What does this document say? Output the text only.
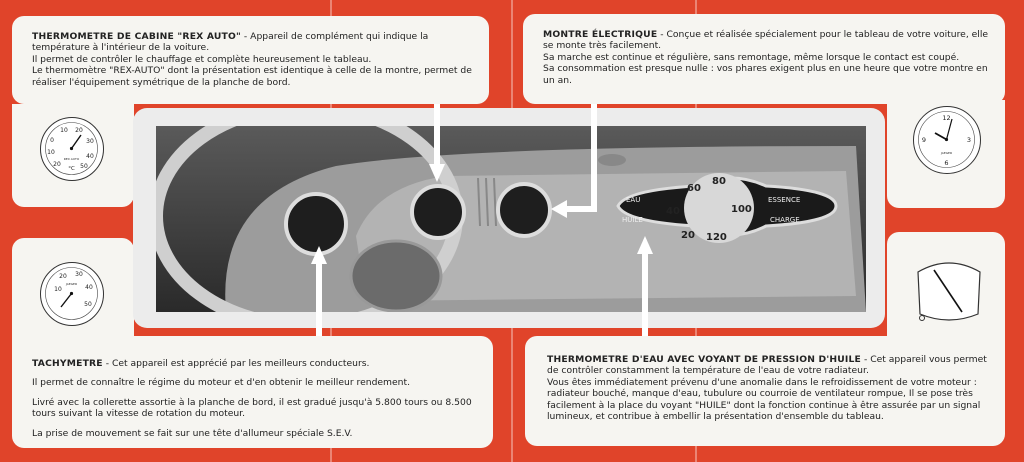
THERMOMETRE DE CABINE "REX AUTO" - Appareil de complément qui indique la température à l'intérieur de la voiture.

Il permet de contrôler le chauffage et complète heureusement le tableau.

Le thermomètre "REX-AUTO" dont la présentation est identique à celle de la montre, permet de réaliser l'équipement symétrique de la planche de bord.

MONTRE ÉLECTRIQUE - Conçue et réalisée spécialement pour le tableau de votre voiture, elle se monte très facilement.

Sa marche est continue et régulière, sans remontage, même lorsque le contact est coupé.

Sa consommation est presque nulle : vos phares exigent plus en une heure que votre montre en un an.

TACHYMETRE - Cet appareil est apprécié par les meilleurs conducteurs.

Il permet de connaître le régime du moteur et d'en obtenir le meilleur rendement.

Livré avec la collerette assortie à la planche de bord, il est gradué jusqu'à 5.800 tours ou 8.500 tours suivant la vitesse de rotation du moteur.

La prise de mouvement se fait sur une tête d'allumeur spéciale S.E.V.

THERMOMETRE D'EAU AVEC VOYANT DE PRESSION D'HUILE - Cet appareil vous permet de contrôler constamment la température de l'eau de votre radiateur.

Vous êtes immédiatement prévenu d'une anomalie dans le refroidissement de votre moteur : radiateur bouché, manque d'eau, tubulure ou courroie de ventilateur rompue, Il se pose très facilement à la place du voyant "HUILE" dont la fonction continue à être assurée par un signal lumineux, et contribue à embellir la présentation d'ensemble du tableau.

10 20
30
40
0
10
20	50
°C
REX AUTO
10
20 30
40
50
JAEGER
12
3
6
9
JAEGER
60
80
40	100
20 120
EAU
HUILE
ESSENCE
CHARGE
